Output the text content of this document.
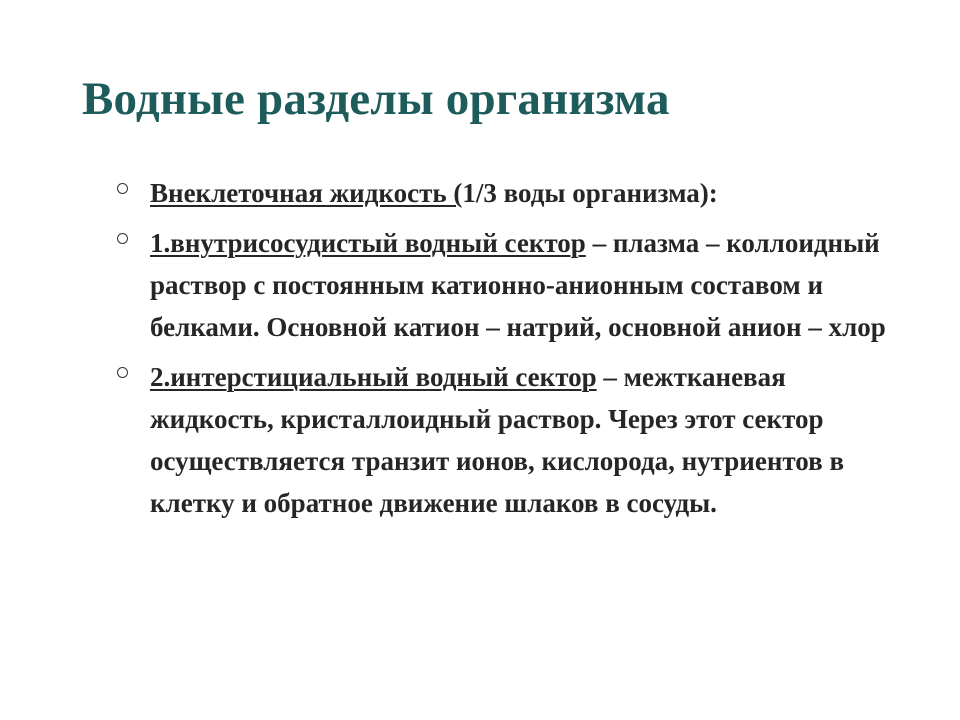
Водные разделы организма
Внеклеточная жидкость (1/3 воды организма):
1.внутрисосудистый водный сектор – плазма – коллоидный раствор с постоянным катионно-анионным составом и белками. Основной катион – натрий, основной анион – хлор
2.интерстициальный водный сектор – межтканевая жидкость, кристаллоидный раствор. Через этот сектор осуществляется транзит ионов, кислорода, нутриентов в клетку и обратное движение шлаков в сосуды.
